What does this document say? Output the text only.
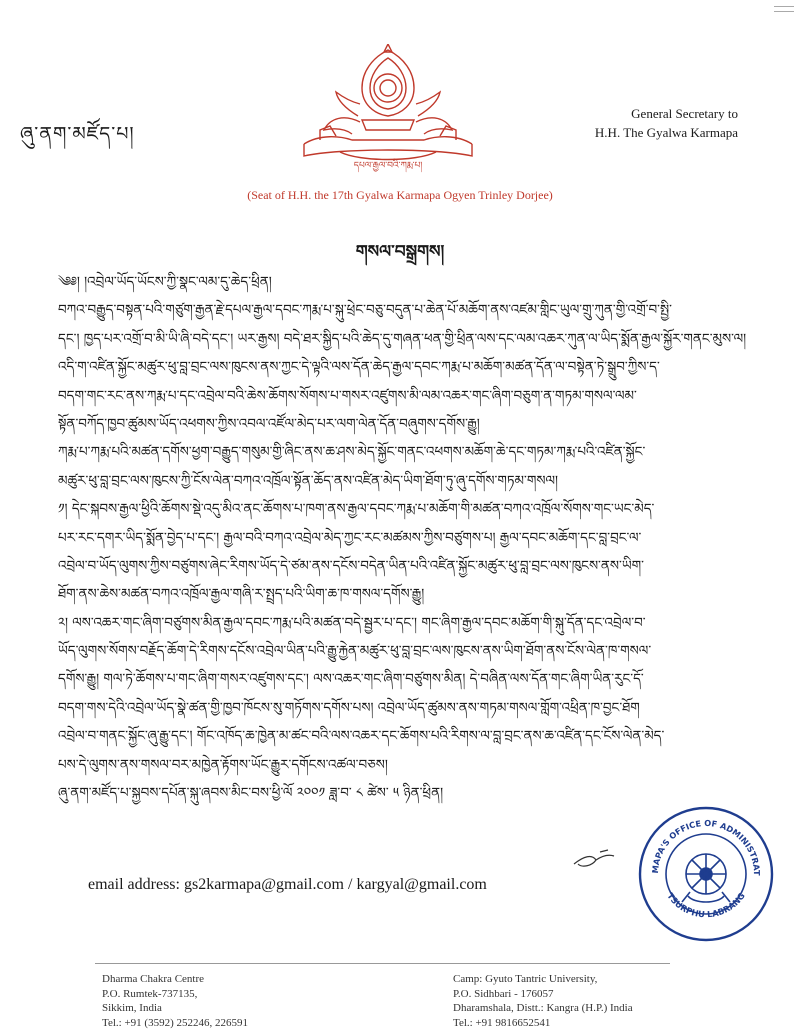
ཞུ་ནག་མཛོད་པ།
དཔལ་རྒྱལ་བའི་ཀརྨ་པ།
General Secretary to
H.H. The Gyalwa Karmapa
(Seat of H.H. the 17th Gyalwa Karmapa Ogyen Trinley Dorjee)
གསལ་བསྒྲགས།
༄༅། །འབྲེལ་ཡོད་ཡོངས་ཀྱི་སྣང་ལམ་དུ་ཆེད་ཕྲིན།
བཀའ་བརྒྱུད་བསྟན་པའི་གཙུག་རྒྱན་རྗེ་དཔལ་རྒྱལ་དབང་ཀརྨ་པ་སྐུ་ཕྲེང་བཅུ་བདུན་པ་ཆེན་པོ་མཆོག་ནས་འཛམ་གླིང་ཡུལ་གྲུ་ཀུན་གྱི་འགྲོ་བ་སྤྱི་
དང་། ཁྱད་པར་འགྲོ་བ་མི་ཡི་ཞི་བདེ་དང་། ཡར་རྒྱས། བདེ་ཐར་སྐྱིད་པའི་ཆེད་དུ་གཞན་ཕན་གྱི་ཕྲིན་ལས་དང་ལམ་འཆར་ཀུན་ལ་ཡིད་སྨོན་རྒྱལ་སྐྱོར་གནང་མུས་ལ།
འདི་ག་འཛིན་སྐྱོང་མཚུར་ཕུ་བླ་བྲང་ལས་ཁུངས་ནས་ཀྱང་དེ་ལྟའི་ལས་དོན་ཆེད་རྒྱལ་དབང་ཀརྨ་པ་མཆོག་མཚན་དོན་ལ་བསྟེན་ཏེ་སྒྲུབ་ཀྱིས་ད་
བདག་གང་རང་ནས་ཀརྨ་པ་དང་འབྲེལ་བའི་ཆེས་ཆོགས་སོགས་པ་གསར་འཛུགས་མི་ལམ་འཆར་གང་ཞིག་བཅུག་ན་གཏམ་གསལ་ལམ་
སྟོན་བཀོད་ཁྱབ་ཚུམས་ཡོད་འཕགས་ཀྱིས་འབལ་འཛོལ་མེད་པར་ལག་ལེན་དོན་བཞུགས་དགོས་རྒྱུ།
ཀརྨ་པ་ཀརྨ་པའི་མཚན་དགོས་ཕྱག་བརྒྱུད་གསུམ་གྱི་ཞིང་ནས་ཆ་ཤས་མེད་སྐྱོང་གནང་འཕགས་མཆོག་ཆེ་དང་གཏམ་ཀརྨ་པའི་འཛིན་སྐྱོང་
མཚུར་ཕུ་བླ་བྲང་ལས་ཁུངས་ཀྱི་ངོས་ལེན་བཀའ་འཁྲོལ་སྟོན་ཆོད་ནས་འཛིན་མེད་ཡིག་ཐོག་ཏུ་ཞུ་དགོས་གཏམ་གསལ།
༡། དེང་སྐབས་རྒྱལ་ཕྱིའི་ཆོགས་སྡེ་འདུ་མིའ་ནང་ཆོགས་པ་ཁག་ནས་རྒྱལ་དབང་ཀརྨ་པ་མཆོག་གི་མཚན་བཀའ་འཁྲོལ་སོགས་གང་ཡང་མེད་
པར་རང་དགར་ཡིད་སྨོན་བྱེད་པ་དང་། རྒྱལ་བའི་བཀའ་འབྲེལ་མེད་ཀྱང་རང་མཚམས་ཀྱིས་བཙུགས་པ། རྒྱལ་དབང་མཆོག་དང་བླ་བྲང་ལ་
འབྲེལ་བ་ཡོད་ལུགས་ཀྱིས་བཙུགས་ཞེང་རིགས་ཡོད་དེ་ཙམ་ནས་དངོས་བདེན་ཡིན་པའི་འཛིན་སྐྱོང་མཚུར་ཕུ་བླ་བྲང་ལས་ཁུངས་ནས་ཡིག་
ཐོག་ནས་ཆེས་མཚན་བཀའ་འཁྲོལ་རྒྱལ་གཞི་ར་སྤྲད་པའི་ཡིག་ཆ་ཁ་གསལ་དགོས་རྒྱུ།
༢། ལས་འཆར་གང་ཞིག་བཙུགས་མིན་རྒྱལ་དབང་ཀརྨ་པའི་མཚན་བདེ་སྦྱར་པ་དང་། གང་ཞིག་རྒྱལ་དབང་མཆོག་གི་སྐུ་དོན་དང་འབྲེལ་བ་
ཡོད་ལུགས་སོགས་བརྗོད་ཆོག་དེ་རིགས་དངོས་འབྲེལ་ཡིན་པའི་རྒྱུ་རྐྱེན་མཚུར་ཕུ་བླ་བྲང་ལས་ཁུངས་ནས་ཡིག་ཐོག་ནས་ངོས་ལེན་ཁ་གསལ་
དགོས་རྒྱུ། གལ་ཏེ་ཆོགས་པ་གང་ཞིག་གསར་འཛུགས་དང་། ལས་འཆར་གང་ཞིག་བཙུགས་མིན། དེ་བཞིན་ལས་དོན་གང་ཞིག་ཡིན་རུང་དོ་
བདག་གས་དེའི་འབྲེལ་ཡོད་སྣེ་ཚན་གྱི་ཁྱབ་ཁོངས་སུ་གཏོགས་དགོས་པས། འབྲེལ་ཡོད་ཚུམས་ནས་གཏམ་གསལ་གློག་འཕྲིན་ཁ་བྱང་ཐོག
འབྲེལ་བ་གནང་སྐྱོང་ཞུ་རྒྱུ་དང་། གོང་འཁོད་ཆ་ཁྱེན་མ་ཚང་བའི་ལས་འཆར་དང་ཆོགས་པའི་རིགས་ལ་བླ་བྲང་ནས་ཆ་འཛིན་དང་ངོས་ལེན་མེད་
པས་དེ་ལུགས་ནས་གསལ་བར་མཁྱེན་རྟོགས་ཡོང་རྒྱུར་དགོངས་འཚལ་བཅས།
ཞུ་ནག་མཛོད་པ་སྐྱབས་དཔོན་སྐུ་ཞབས་མིང་བས་ཕྱི་ལོ ༢༠༠༡ ཟླ་བ་ ༨ ཚེས་ ༥ ཉིན་ཕྲིན།
email address: gs2karmapa@gmail.com / kargyal@gmail.com
MAPA'S OFFICE OF ADMINISTRAT
TSURPHU LABRANG
Dharma Chakra Centre
P.O. Rumtek-737135,
Sikkim, India
Tel.: +91 (3592) 252246, 226591
Camp: Gyuto Tantric University,
P.O. Sidhbari - 176057
Dharamshala, Distt.: Kangra (H.P.) India
Tel.: +91 9816652541
